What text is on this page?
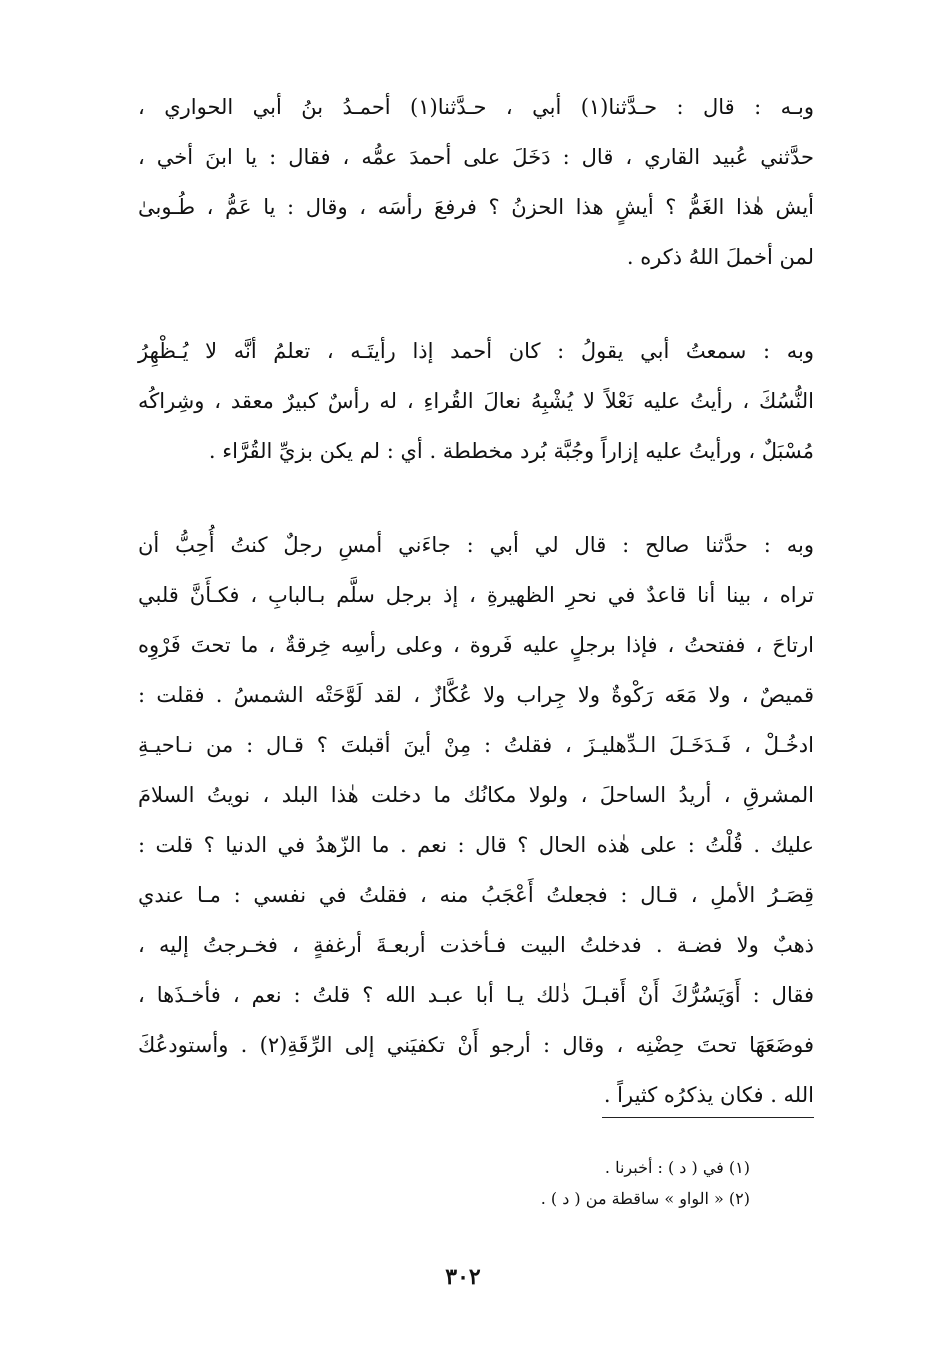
وبـه : قال : حـدَّثنا(١) أبي ، حـدَّثنا(١) أحمـدُ بنُ أبي الحواري ،

حدَّثني عُبيد القاري ، قال : دَخَلَ على أحمدَ عمُّه ، فقال : يا ابنَ أخي ،

أيش هٰذا الغَمُّ ؟ أيشٍ هذا الحزنُ ؟ فرفعَ رأسَه ، وقال : يا عَمُّ ، طُـوبىٰ

لمن أخملَ اللهُ ذكره .

وبه : سمعتُ أبي يقولُ : كان أحمد إذا رأيتَـه ، تعلمُ أنَّه لا يُـظْهِرُ

النُّسُكَ ، رأيتُ عليه نَعْلاً لا يُشْبِهُ نعالَ القُراءِ ، له رأسٌ كبيرٌ معقد ، وشِراكُه

مُسْبَلٌ ، ورأيتُ عليه إزاراً وجُبَّة بُرد مخططة . أي : لم يكن بزيِّ القُرَّاء .

وبه : حدَّثنا صالح : قال لي أبي : جاءَني أمسِ رجلٌ كنتُ أُحِبُّ أن

تراه ، بينا أنا قاعدٌ في نحرِ الظهيرةِ ، إذ برجل سلَّم بـالبابِ ، فكـأَنَّ قلبي

ارتاحَ ، ففتحتُ ، فإذا برجلٍ عليه فَروة ، وعلى رأسِه خِرقةٌ ، ما تحتَ فَرْوِه

قميصٌ ، ولا مَعَه رَكْوةٌ ولا جِراب ولا عُكَّازٌ ، لقد لَوَّحَتْه الشمسُ . فقلت :

ادخُـلْ ، فَـدَخَـلَ الـدِّهليـزَ ، فقلتُ : مِنْ أينَ أقبلتَ ؟ قـال : من نـاحيـةِ

المشرقِ ، أريدُ الساحلَ ، ولولا مكانُك ما دخلت هٰذا البلد ، نويتُ السلامَ

عليك . قُلْتُ : على هٰذه الحال ؟ قال : نعم . ما الزّهدُ في الدنيا ؟ قلت :

قِصَـرُ الأملِ ، قـال : فجعلتُ أَعْجَبُ منه ، فقلتُ في نفسي : مـا عندي

ذهبٌ ولا فضـة . فدخلتُ البيت فـأخذت أربعـةَ أرغفةٍ ، فخـرجتُ إليه ،

فقال : أَوَيَسُرُّكَ أَنْ أَقبـلَ ذٰلك يـا أبا عبـد الله ؟ قلتُ : نعم ، فأخـذَها ،

فوضَعَهَا تحتَ حِضْنِه ، وقال : أرجو أَنْ تكفيَني إلى الرِّقَةِ(٢) . وأستودعُكَ

الله . فكان يذكرُه كثيراً .

(١) في ( د ) : أخبرنا .

(٢) « الواو » ساقطة من ( د ) .

٣٠٢
